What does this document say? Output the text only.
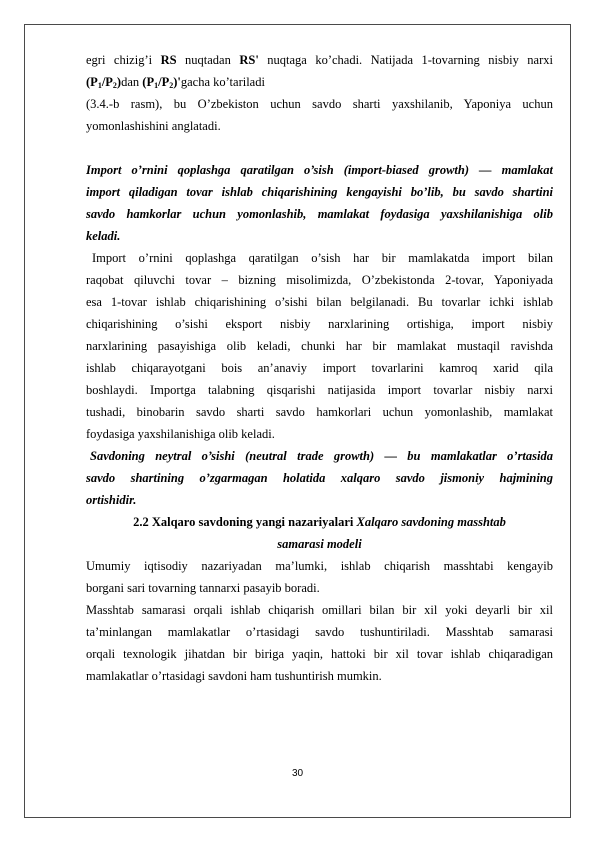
egri chizig’i RS nuqtadan RS' nuqtaga ko’chadi. Natijada 1-tovarning nisbiy narxi
$(P_1/P_2)dan$ $(P_1/P_2)'gacha$ ko’tariladi
(3.4.-b rasm), bu O’zbekiston uchun savdo sharti yaxshilanib, Yaponiya uchun
yomonlashishini anglatadi.
Import o’rnini qoplashga qaratilgan o’sish (import-biased growth) — mamlakat
import qiladigan tovar ishlab chiqarishining kengayishi bo’lib, bu savdo shartini
savdo hamkorlar uchun yomonlashib, mamlakat foydasiga yaxshilanishiga olib
keladi.
Import o’rnini qoplashga qaratilgan o’sish har bir mamlakatda import bilan
raqobat qiluvchi tovar – bizning misolimizda, O’zbekistonda 2-tovar, Yaponiyada
esa 1-tovar ishlab chiqarishining o’sishi bilan belgilanadi. Bu tovarlar ichki ishlab
chiqarishining o’sishi eksport nisbiy narxlarining ortishiga, import nisbiy
narxlarining pasayishiga olib keladi, chunki har bir mamlakat mustaqil ravishda
ishlab chiqarayotgani bois an’anaviy import tovarlarini kamroq xarid qila
boshlaydi. Importga talabning qisqarishi natijasida import tovarlar nisbiy narxi
tushadi, binobarin savdo sharti savdo hamkorlari uchun yomonlashib, mamlakat
foydasiga yaxshilanishiga olib keladi.
Savdoning neytral o’sishi (neutral trade growth) — bu mamlakatlar o’rtasida
savdo shartining o’zgarmagan holatida xalqaro savdo jismoniy hajmining
ortishidir.
2.2 Xalqaro savdoning yangi nazariyalari Xalqaro savdoning masshtab
samarasi modeli
Umumiy iqtisodiy nazariyadan ma’lumki, ishlab chiqarish masshtabi kengayib
borgani sari tovarning tannarxi pasayib boradi.
Masshtab samarasi orqali ishlab chiqarish omillari bilan bir xil yoki deyarli bir xil
ta’minlangan mamlakatlar o’rtasidagi savdo tushuntiriladi. Masshtab samarasi
orqali texnologik jihatdan bir biriga yaqin, hattoki bir xil tovar ishlab chiqaradigan
mamlakatlar o’rtasidagi savdoni ham tushuntirish mumkin.
30
